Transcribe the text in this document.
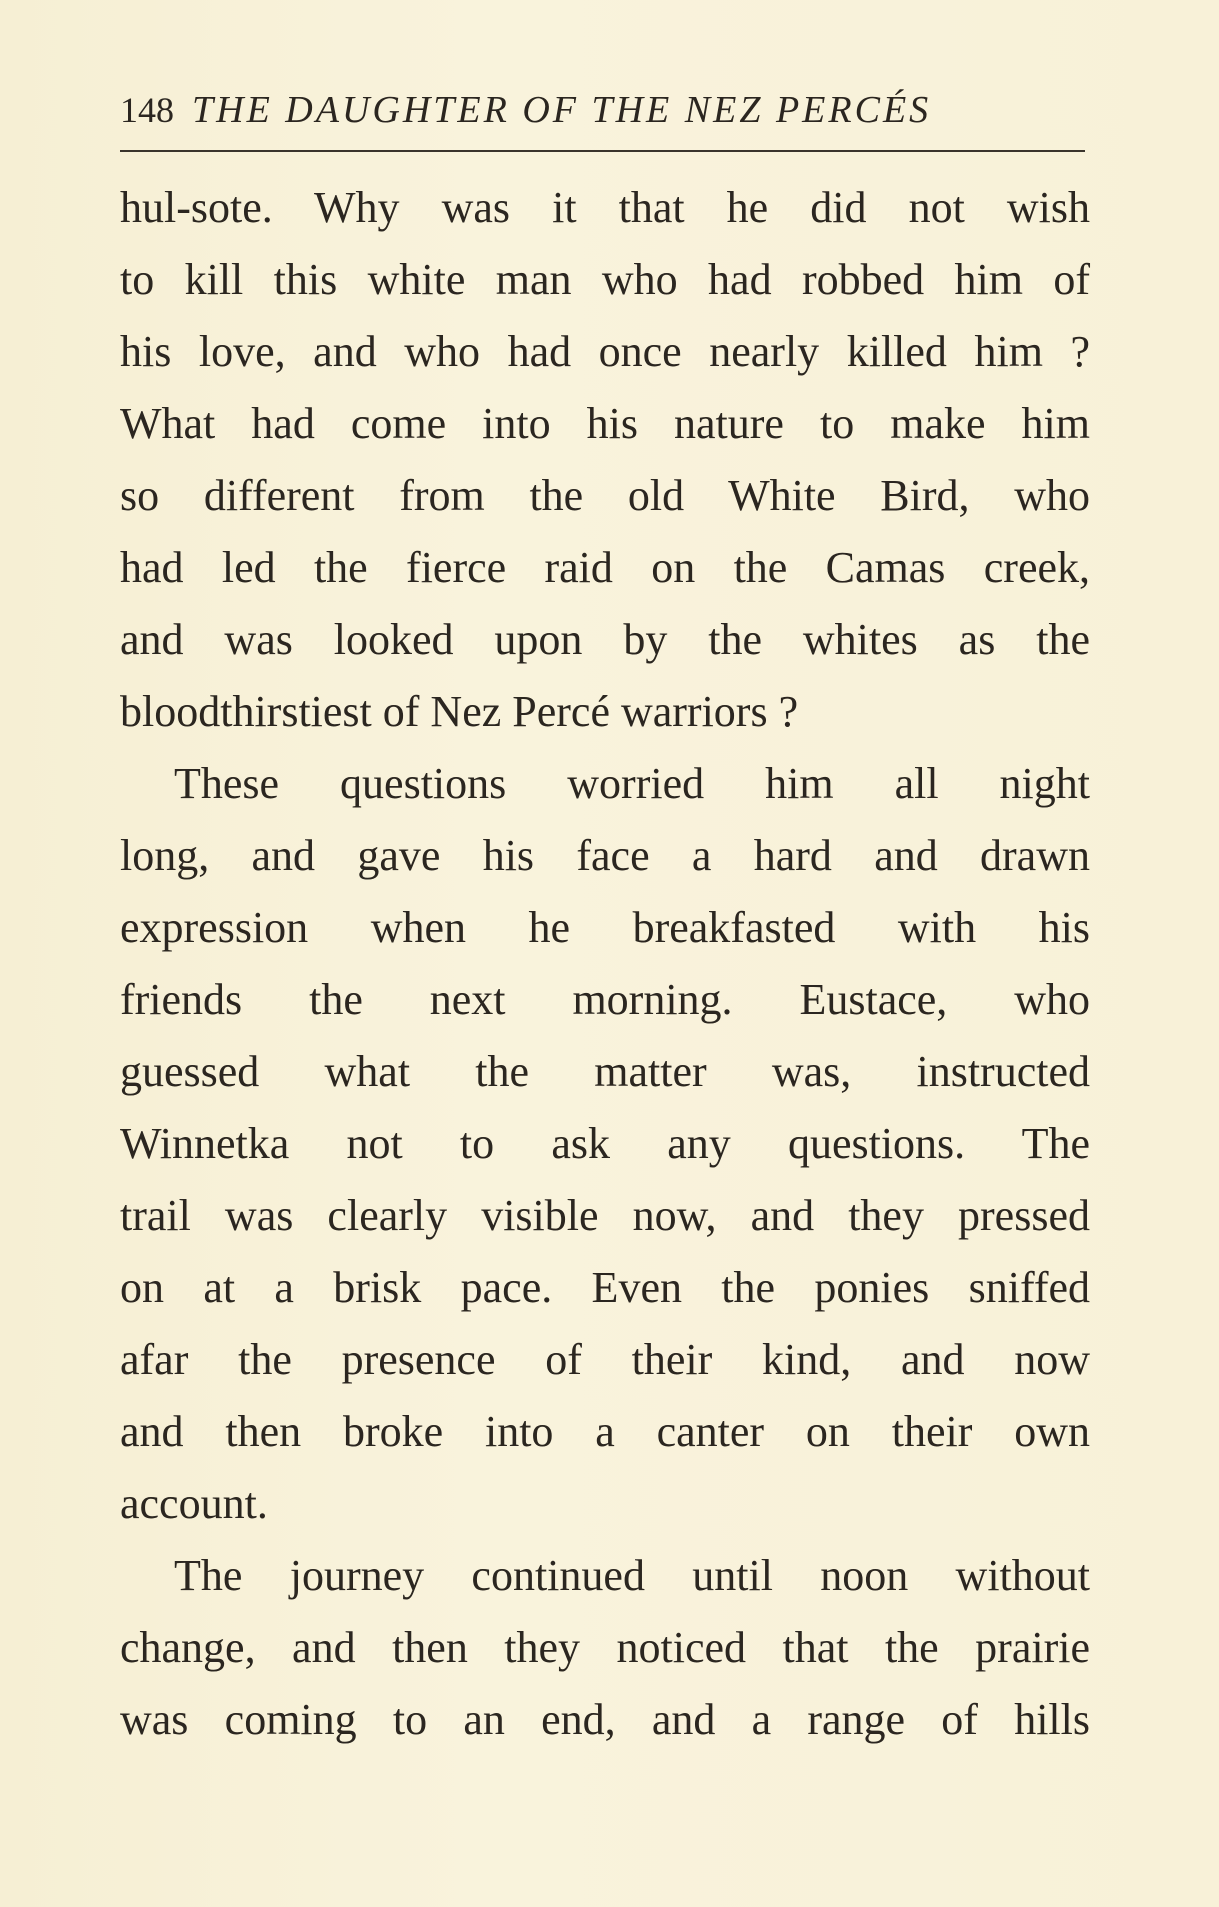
148 THE DAUGHTER OF THE NEZ PERCÉS
hul-sote. Why was it that he did not wish
to kill this white man who had robbed him of
his love, and who had once nearly killed him ?
What had come into his nature to make him
so different from the old White Bird, who
had led the fierce raid on the Camas creek,
and was looked upon by the whites as the
bloodthirstiest of Nez Percé warriors ?
These questions worried him all night
long, and gave his face a hard and drawn
expression when he breakfasted with his
friends the next morning. Eustace, who
guessed what the matter was, instructed
Winnetka not to ask any questions. The
trail was clearly visible now, and they pressed
on at a brisk pace. Even the ponies sniffed
afar the presence of their kind, and now
and then broke into a canter on their own
account.
The journey continued until noon without
change, and then they noticed that the prairie
was coming to an end, and a range of hills
